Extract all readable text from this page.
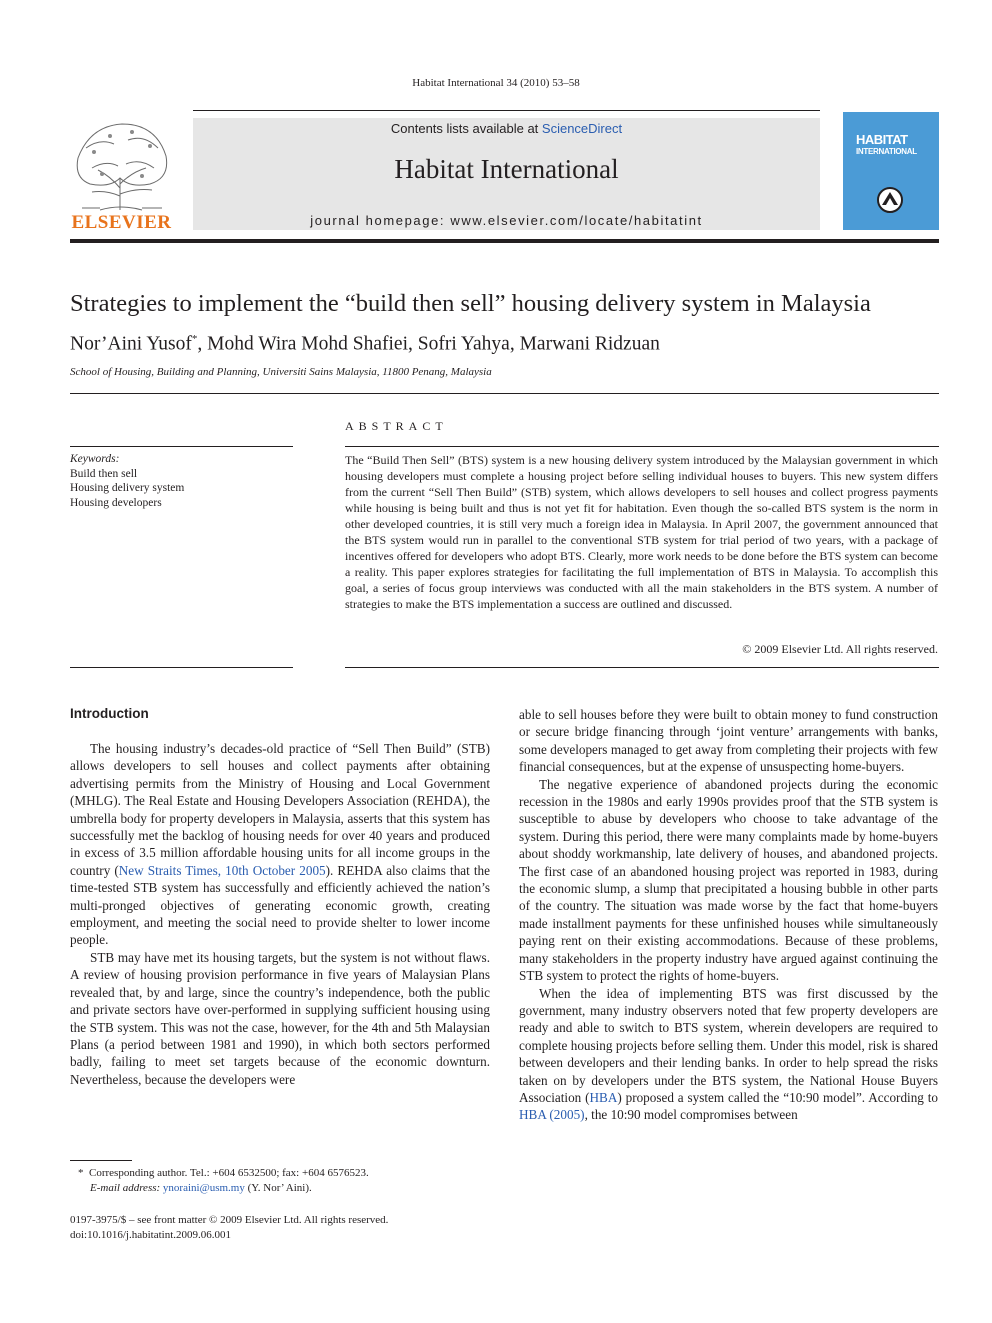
Habitat International 34 (2010) 53–58
ELSEVIER
Contents lists available at ScienceDirect
Habitat International
journal homepage: www.elsevier.com/locate/habitatint
HABITAT
INTERNATIONAL
Strategies to implement the “build then sell” housing delivery system in Malaysia
Nor’Aini Yusof*, Mohd Wira Mohd Shafiei, Sofri Yahya, Marwani Ridzuan
School of Housing, Building and Planning, Universiti Sains Malaysia, 11800 Penang, Malaysia
ABSTRACT
Keywords:
Build then sell
Housing delivery system
Housing developers
The “Build Then Sell” (BTS) system is a new housing delivery system introduced by the Malaysian government in which housing developers must complete a housing project before selling individual houses to buyers. This new system differs from the current “Sell Then Build” (STB) system, which allows developers to sell houses and collect progress payments while housing is being built and thus is not yet fit for habitation. Even though the so-called BTS system is the norm in other developed countries, it is still very much a foreign idea in Malaysia. In April 2007, the government announced that the BTS system would run in parallel to the conventional STB system for trial period of two years, with a package of incentives offered for developers who adopt BTS. Clearly, more work needs to be done before the BTS system can become a reality. This paper explores strategies for facilitating the full implementation of BTS in Malaysia. To accomplish this goal, a series of focus group interviews was conducted with all the main stakeholders in the BTS system. A number of strategies to make the BTS implementation a success are outlined and discussed.
© 2009 Elsevier Ltd. All rights reserved.
Introduction

The housing industry’s decades-old practice of “Sell Then Build” (STB) allows developers to sell houses and collect payments after obtaining advertising permits from the Ministry of Housing and Local Government (MHLG). The Real Estate and Housing Developers Association (REHDA), the umbrella body for property developers in Malaysia, asserts that this system has successfully met the backlog of housing needs for over 40 years and produced in excess of 3.5 million affordable housing units for all income groups in the country (New Straits Times, 10th October 2005). REHDA also claims that the time-tested STB system has successfully and efficiently achieved the nation’s multi-pronged objectives of generating economic growth, creating employment, and meeting the social need to provide shelter to lower income people.

STB may have met its housing targets, but the system is not without flaws. A review of housing provision performance in five years of Malaysian Plans revealed that, by and large, since the country’s independence, both the public and private sectors have over-performed in supplying sufficient housing using the STB system. This was not the case, however, for the 4th and 5th Malaysian Plans (a period between 1981 and 1990), in which both sectors performed badly, failing to meet set targets because of the economic downturn. Nevertheless, because the developers were

able to sell houses before they were built to obtain money to fund construction or secure bridge financing through ‘joint venture’ arrangements with banks, some developers managed to get away from completing their projects with few financial consequences, but at the expense of unsuspecting home-buyers.

The negative experience of abandoned projects during the economic recession in the 1980s and early 1990s provides proof that the STB system is susceptible to abuse by developers who choose to take advantage of the system. During this period, there were many complaints made by home-buyers about shoddy workmanship, late delivery of houses, and abandoned projects. The first case of an abandoned housing project was reported in 1983, during the economic slump, a slump that precipitated a housing bubble in other parts of the country. The situation was made worse by the fact that home-buyers made installment payments for these unfinished houses while simultaneously paying rent on their existing accommodations. Because of these problems, many stakeholders in the property industry have argued against continuing the STB system to protect the rights of home-buyers.

When the idea of implementing BTS was first discussed by the government, many industry observers noted that few property developers are ready and able to switch to BTS system, wherein developers are required to complete housing projects before selling them. Under this model, risk is shared between developers and their lending banks. In order to help spread the risks taken on by developers under the BTS system, the National House Buyers Association (HBA) proposed a system called the “10:90 model”. According to HBA (2005), the 10:90 model compromises between

* Corresponding author. Tel.: +604 6532500; fax: +604 6576523.
E-mail address: ynoraini@usm.my (Y. Nor’ Aini).
0197-3975/$ – see front matter © 2009 Elsevier Ltd. All rights reserved.
doi:10.1016/j.habitatint.2009.06.001
